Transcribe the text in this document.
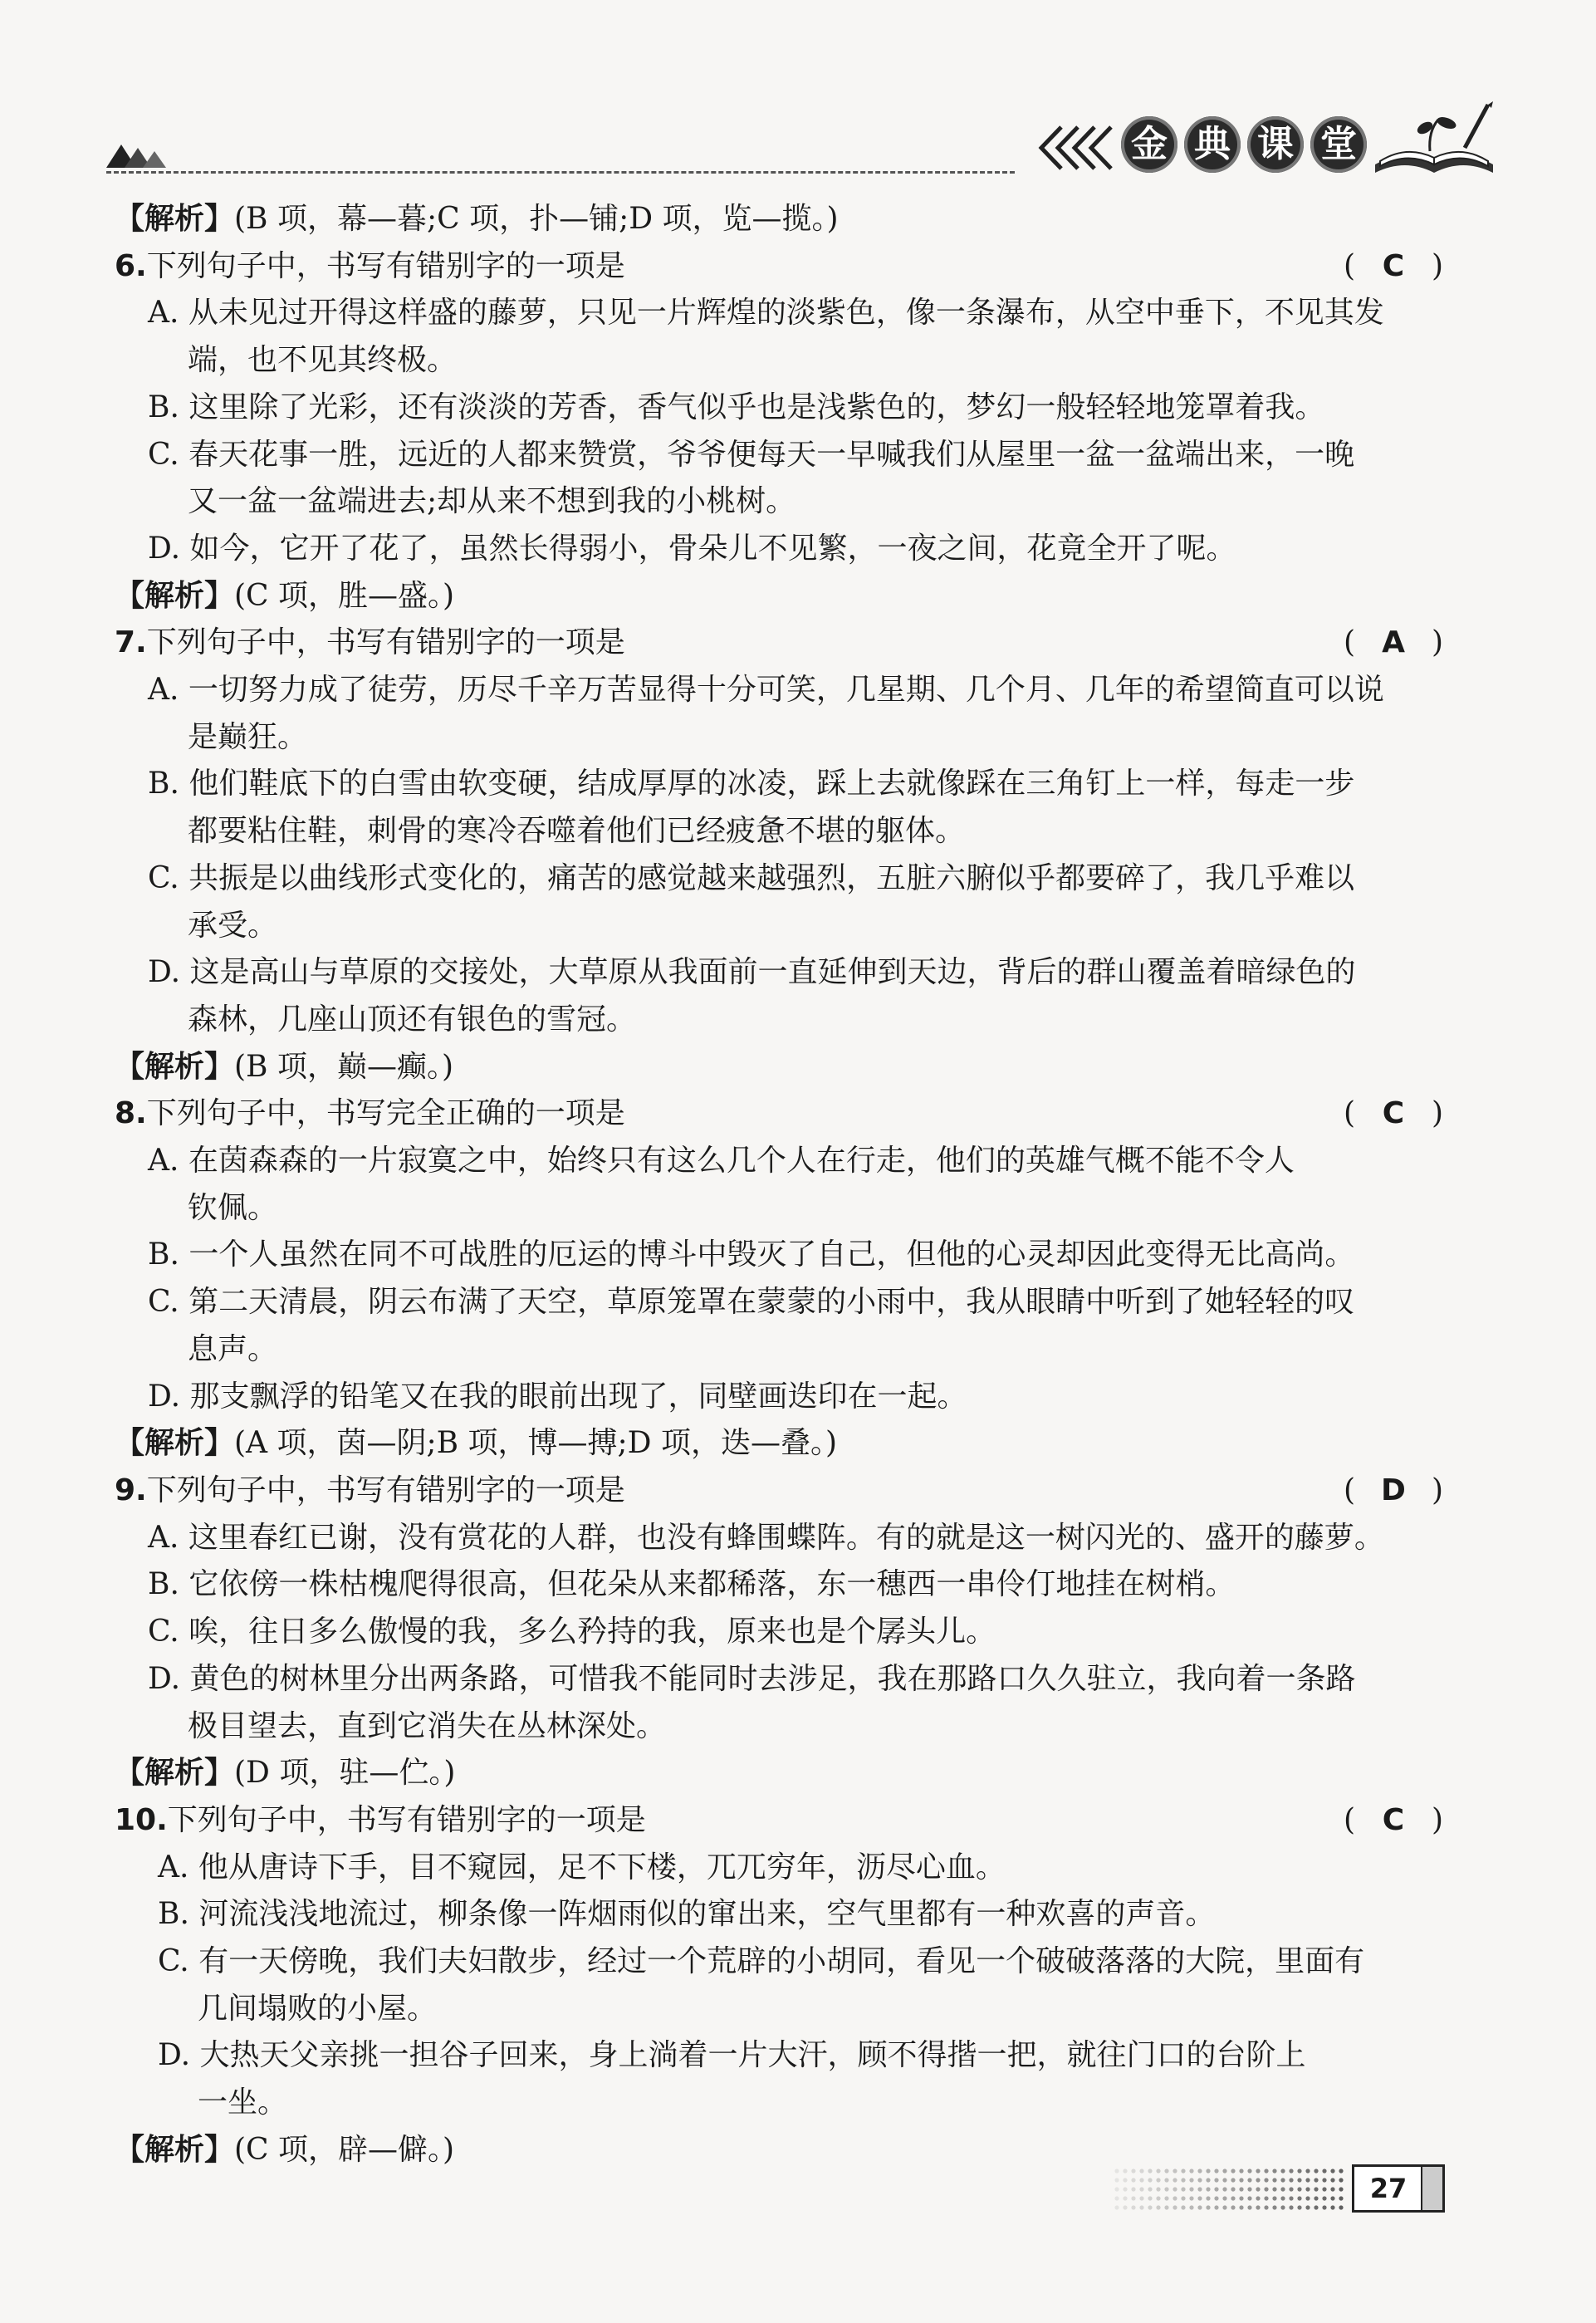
金 典 课 堂
【解析】(B 项，幕—暮;C 项，扑—铺;D 项，览—揽。)
6.下列句子中，书写有错别字的一项是	( C )
A. 从未见过开得这样盛的藤萝，只见一片辉煌的淡紫色，像一条瀑布，从空中垂下，不见其发
端，也不见其终极。
B. 这里除了光彩，还有淡淡的芳香，香气似乎也是浅紫色的，梦幻一般轻轻地笼罩着我。
C. 春天花事一胜，远近的人都来赞赏，爷爷便每天一早喊我们从屋里一盆一盆端出来，一晚
又一盆一盆端进去;却从来不想到我的小桃树。
D. 如今，它开了花了，虽然长得弱小，骨朵儿不见繁，一夜之间，花竟全开了呢。
【解析】(C 项，胜—盛。)
7.下列句子中，书写有错别字的一项是	( A )
A. 一切努力成了徒劳，历尽千辛万苦显得十分可笑，几星期、几个月、几年的希望简直可以说
是巅狂。
B. 他们鞋底下的白雪由软变硬，结成厚厚的冰凌，踩上去就像踩在三角钉上一样，每走一步
都要粘住鞋，刺骨的寒冷吞噬着他们已经疲惫不堪的躯体。
C. 共振是以曲线形式变化的，痛苦的感觉越来越强烈，五脏六腑似乎都要碎了，我几乎难以
承受。
D. 这是高山与草原的交接处，大草原从我面前一直延伸到天边，背后的群山覆盖着暗绿色的
森林，几座山顶还有银色的雪冠。
【解析】(B 项，巅—癫。)
8.下列句子中，书写完全正确的一项是	( C )
A. 在茵森森的一片寂寞之中，始终只有这么几个人在行走，他们的英雄气概不能不令人
钦佩。
B. 一个人虽然在同不可战胜的厄运的博斗中毁灭了自己，但他的心灵却因此变得无比高尚。
C. 第二天清晨，阴云布满了天空，草原笼罩在蒙蒙的小雨中，我从眼睛中听到了她轻轻的叹
息声。
D. 那支飘浮的铅笔又在我的眼前出现了，同壁画迭印在一起。
【解析】(A 项，茵—阴;B 项，博—搏;D 项，迭—叠。)
9.下列句子中，书写有错别字的一项是	( D )
A. 这里春红已谢，没有赏花的人群，也没有蜂围蝶阵。有的就是这一树闪光的、盛开的藤萝。
B. 它依傍一株枯槐爬得很高，但花朵从来都稀落，东一穗西一串伶仃地挂在树梢。
C. 唉，往日多么傲慢的我，多么矜持的我，原来也是个孱头儿。
D. 黄色的树林里分出两条路，可惜我不能同时去涉足，我在那路口久久驻立，我向着一条路
极目望去，直到它消失在丛林深处。
【解析】(D 项，驻—伫。)
10.下列句子中，书写有错别字的一项是	( C )
A. 他从唐诗下手，目不窥园，足不下楼，兀兀穷年，沥尽心血。
B. 河流浅浅地流过，柳条像一阵烟雨似的窜出来，空气里都有一种欢喜的声音。
C. 有一天傍晚，我们夫妇散步，经过一个荒辟的小胡同，看见一个破破落落的大院，里面有
几间塌败的小屋。
D. 大热天父亲挑一担谷子回来，身上淌着一片大汗，顾不得揩一把，就往门口的台阶上
一坐。
【解析】(C 项，辟—僻。)
27
